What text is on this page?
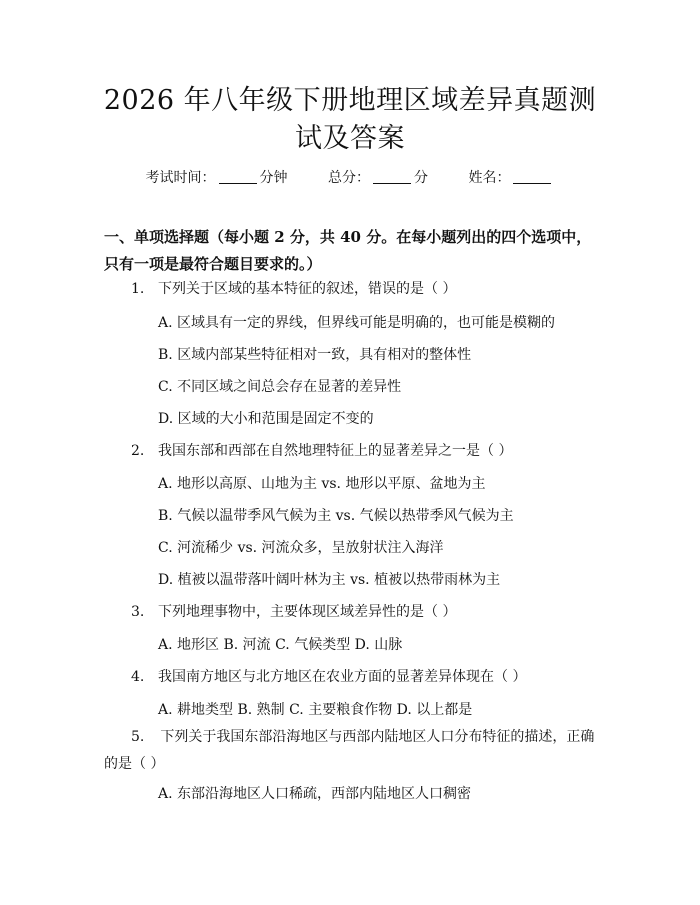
2026 年八年级下册地理区域差异真题测试及答案
考试时间：	分钟	总分：	分	姓名：
一、单项选择题（每小题 2 分，共 40 分。在每小题列出的四个选项中，只有一项是最符合题目要求的。）
1. 下列关于区域的基本特征的叙述，错误的是（ ）
A. 区域具有一定的界线，但界线可能是明确的，也可能是模糊的
B. 区域内部某些特征相对一致，具有相对的整体性
C. 不同区域之间总会存在显著的差异性
D. 区域的大小和范围是固定不变的
2. 我国东部和西部在自然地理特征上的显著差异之一是（ ）
A. 地形以高原、山地为主 vs. 地形以平原、盆地为主
B. 气候以温带季风气候为主 vs. 气候以热带季风气候为主
C. 河流稀少 vs. 河流众多，呈放射状注入海洋
D. 植被以温带落叶阔叶林为主 vs. 植被以热带雨林为主
3. 下列地理事物中，主要体现区域差异性的是（ ）
A. 地形区 B. 河流 C. 气候类型 D. 山脉
4. 我国南方地区与北方地区在农业方面的显著差异体现在（ ）
A. 耕地类型 B. 熟制 C. 主要粮食作物 D. 以上都是
5. 下列关于我国东部沿海地区与西部内陆地区人口分布特征的描述，正确的是（ ）
A. 东部沿海地区人口稀疏，西部内陆地区人口稠密
